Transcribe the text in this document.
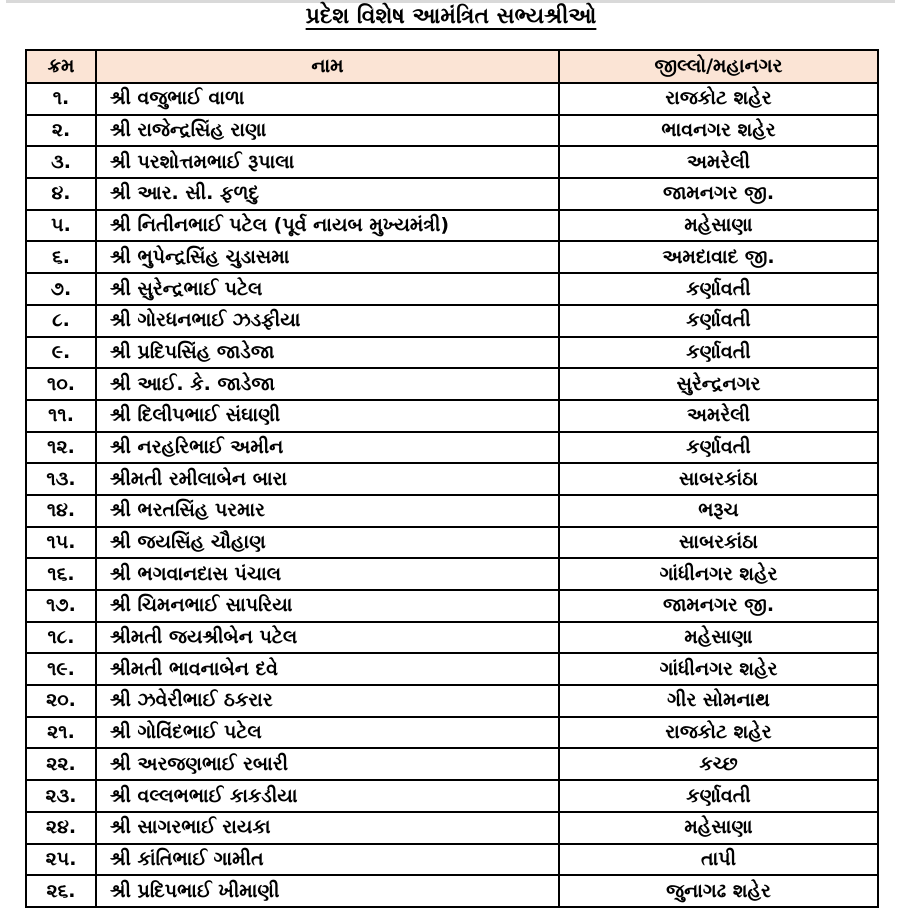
પ્રદેશ વિશેષ આમંત્રિત સભ્યશ્રીઓ
ક્રમ	નામ	જીલ્લો/મહાનગર
૧.	શ્રી વજુભાઈ વાળા	રાજકોટ શહેર
૨.	શ્રી રાજેન્દ્રસિંહ રાણા	ભાવનગર શહેર
૩.	શ્રી પરશોત્તમભાઈ રૂપાલા	અમરેલી
૪.	શ્રી આર. સી. ફળદુ	જામનગર જી.
૫.	શ્રી નિતીનભાઈ પટેલ (પૂર્વ નાયબ મુખ્યમંત્રી)	મહેસાણા
૬.	શ્રી ભુપેન્દ્રસિંહ ચુડાસમા	અમદાવાદ જી.
૭.	શ્રી સુરેન્દ્રભાઈ પટેલ	કર્ણાવતી
૮.	શ્રી ગોરધનભાઈ ઝડફીયા	કર્ણાવતી
૯.	શ્રી પ્રદિપસિંહ જાડેજા	કર્ણાવતી
૧૦.	શ્રી આઈ. કે. જાડેજા	સુરેન્દ્રનગર
૧૧.	શ્રી દિલીપભાઈ સંઘાણી	અમરેલી
૧૨.	શ્રી નરહરિભાઈ અમીન	કર્ણાવતી
૧૩.	શ્રીમતી રમીલાબેન બારા	સાબરકાંઠા
૧૪.	શ્રી ભરતસિંહ પરમાર	ભરૂચ
૧૫.	શ્રી જયસિંહ ચૌહાણ	સાબરકાંઠા
૧૬.	શ્રી ભગવાનદાસ પંચાલ	ગાંધીનગર શહેર
૧૭.	શ્રી ચિમનભાઈ સાપરિયા	જામનગર જી.
૧૮.	શ્રીમતી જયશ્રીબેન પટેલ	મહેસાણા
૧૯.	શ્રીમતી ભાવનાબેન દવે	ગાંધીનગર શહેર
૨૦.	શ્રી ઝવેરીભાઈ ઠકરાર	ગીર સોમનાથ
૨૧.	શ્રી ગોવિંદભાઈ પટેલ	રાજકોટ શહેર
૨૨.	શ્રી અરજણભાઈ રબારી	કચ્છ
૨૩.	શ્રી વલ્લભભાઈ કાકડીયા	કર્ણાવતી
૨૪.	શ્રી સાગરભાઈ રાયકા	મહેસાણા
૨૫.	શ્રી કાંતિભાઈ ગામીત	તાપી
૨૬.	શ્રી પ્રદિપભાઈ ખીમાણી	જુનાગઢ શહેર
